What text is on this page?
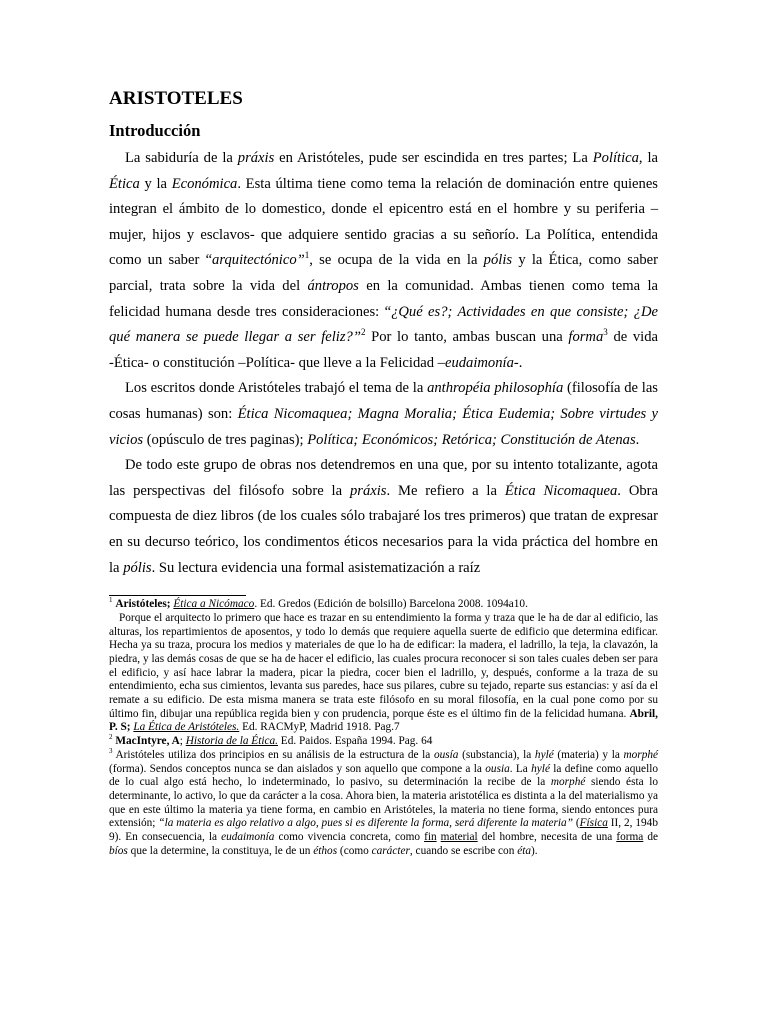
ARISTOTELES
Introducción

La sabiduría de la práxis en Aristóteles, pude ser escindida en tres partes; La Política, la Ética y la Económica. Esta última tiene como tema la relación de dominación entre quienes integran el ámbito de lo domestico, donde el epicentro está en el hombre y su periferia –mujer, hijos y esclavos- que adquiere sentido gracias a su señorío. La Política, entendida como un saber “arquitectónico”$^1$, se ocupa de la vida en la pólis y la Ética, como saber parcial, trata sobre la vida del ántropos en la comunidad. Ambas tienen como tema la felicidad humana desde tres consideraciones: “¿Qué es?; Actividades en que consiste; ¿De qué manera se puede llegar a ser feliz?”$^2$ Por lo tanto, ambas buscan una forma$^3$ de vida -Ética- o constitución –Política- que lleve a la Felicidad –eudaimonía-.

Los escritos donde Aristóteles trabajó el tema de la anthropéia philosophía (filosofía de las cosas humanas) son: Ética Nicomaquea; Magna Moralia; Ética Eudemia; Sobre virtudes y vicios (opúsculo de tres paginas); Política; Económicos; Retórica; Constitución de Atenas.

De todo este grupo de obras nos detendremos en una que, por su intento totalizante, agota las perspectivas del filósofo sobre la práxis. Me refiero a la Ética Nicomaquea. Obra compuesta de diez libros (de los cuales sólo trabajaré los tres primeros) que tratan de expresar en su decurso teórico, los condimentos éticos necesarios para la vida práctica del hombre en la pólis. Su lectura evidencia una formal asistematización a raíz

$^1$ Aristóteles; Ética a Nicómaco. Ed. Gredos (Edición de bolsillo) Barcelona 2008. 1094a10.

Porque el arquitecto lo primero que hace es trazar en su entendimiento la forma y traza que le ha de dar al edificio, las alturas, los repartimientos de aposentos, y todo lo demás que requiere aquella suerte de edificio que determina edificar. Hecha ya su traza, procura los medios y materiales de que lo ha de edificar: la madera, el ladrillo, la teja, la clavazón, la piedra, y las demás cosas de que se ha de hacer el edificio, las cuales procura reconocer si son tales cuales deben ser para el edificio, y así hace labrar la madera, picar la piedra, cocer bien el ladrillo, y, después, conforme a la traza de su entendimiento, echa sus cimientos, levanta sus paredes, hace sus pilares, cubre su tejado, reparte sus estancias: y así da el remate a su edificio. De esta misma manera se trata este filósofo en su moral filosofía, en la cual pone como por su último fin, dibujar una república regida bien y con prudencia, porque éste es el último fin de la felicidad humana. Abril, P. S; La Ética de Aristóteles. Ed. RACMyP, Madrid 1918. Pag.7

$^2$ MacIntyre, A; Historia de la Ética. Ed. Paidos. España 1994. Pag. 64

$^3$ Aristóteles utiliza dos principios en su análisis de la estructura de la ousía (substancia), la hylé (materia) y la morphé (forma). Sendos conceptos nunca se dan aislados y son aquello que compone a la ousia. La hylé la define como aquello de lo cual algo está hecho, lo indeterminado, lo pasivo, su determinación la recibe de la morphé siendo ésta lo determinante, lo activo, lo que da carácter a la cosa. Ahora bien, la materia aristotélica es distinta a la del materialismo ya que en este último la materia ya tiene forma, en cambio en Aristóteles, la materia no tiene forma, siendo entonces pura extensión; “la materia es algo relativo a algo, pues si es diferente la forma, será diferente la materia” (Física II, 2, 194b 9). En consecuencia, la eudaimonía como vivencia concreta, como fin material del hombre, necesita de una forma de bíos que la determine, la constituya, le de un éthos (como carácter, cuando se escribe con éta).
